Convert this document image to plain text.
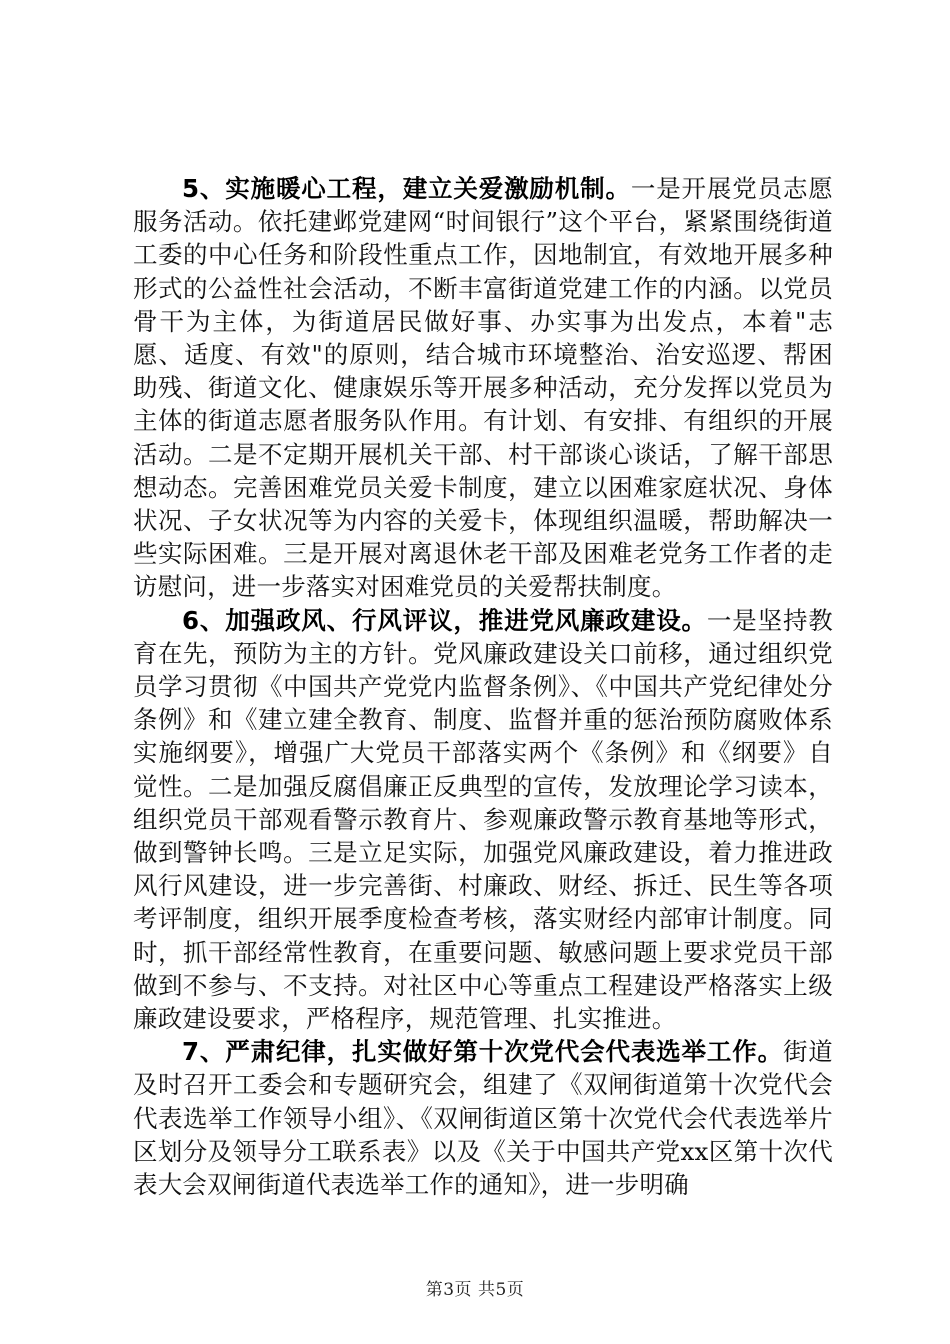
5、实施暖心工程，建立关爱激励机制。一是开展党员志愿服务活动。依托建邺党建网“时间银行”这个平台，紧紧围绕街道工委的中心任务和阶段性重点工作，因地制宜，有效地开展多种形式的公益性社会活动，不断丰富街道党建工作的内涵。以党员骨干为主体，为街道居民做好事、办实事为出发点，本着"志愿、适度、有效"的原则，结合城市环境整治、治安巡逻、帮困助残、街道文化、健康娱乐等开展多种活动，充分发挥以党员为主体的街道志愿者服务队作用。有计划、有安排、有组织的开展活动。二是不定期开展机关干部、村干部谈心谈话，了解干部思想动态。完善困难党员关爱卡制度，建立以困难家庭状况、身体状况、子女状况等为内容的关爱卡，体现组织温暖，帮助解决一些实际困难。三是开展对离退休老干部及困难老党务工作者的走访慰问，进一步落实对困难党员的关爱帮扶制度。

6、加强政风、行风评议，推进党风廉政建设。一是坚持教育在先，预防为主的方针。党风廉政建设关口前移，通过组织党员学习贯彻《中国共产党党内监督条例》、《中国共产党纪律处分条例》和《建立建全教育、制度、监督并重的惩治预防腐败体系实施纲要》，增强广大党员干部落实两个《条例》和《纲要》自觉性。二是加强反腐倡廉正反典型的宣传，发放理论学习读本，组织党员干部观看警示教育片、参观廉政警示教育基地等形式，做到警钟长鸣。三是立足实际，加强党风廉政建设，着力推进政风行风建设，进一步完善街、村廉政、财经、拆迁、民生等各项考评制度，组织开展季度检查考核，落实财经内部审计制度。同时，抓干部经常性教育，在重要问题、敏感问题上要求党员干部做到不参与、不支持。对社区中心等重点工程建设严格落实上级廉政建设要求，严格程序，规范管理、扎实推进。

7、严肃纪律，扎实做好第十次党代会代表选举工作。街道及时召开工委会和专题研究会，组建了《双闸街道第十次党代会代表选举工作领导小组》、《双闸街道区第十次党代会代表选举片区划分及领导分工联系表》以及《关于中国共产党xx区第十次代表大会双闸街道代表选举工作的通知》，进一步明确

第3页 共5页
